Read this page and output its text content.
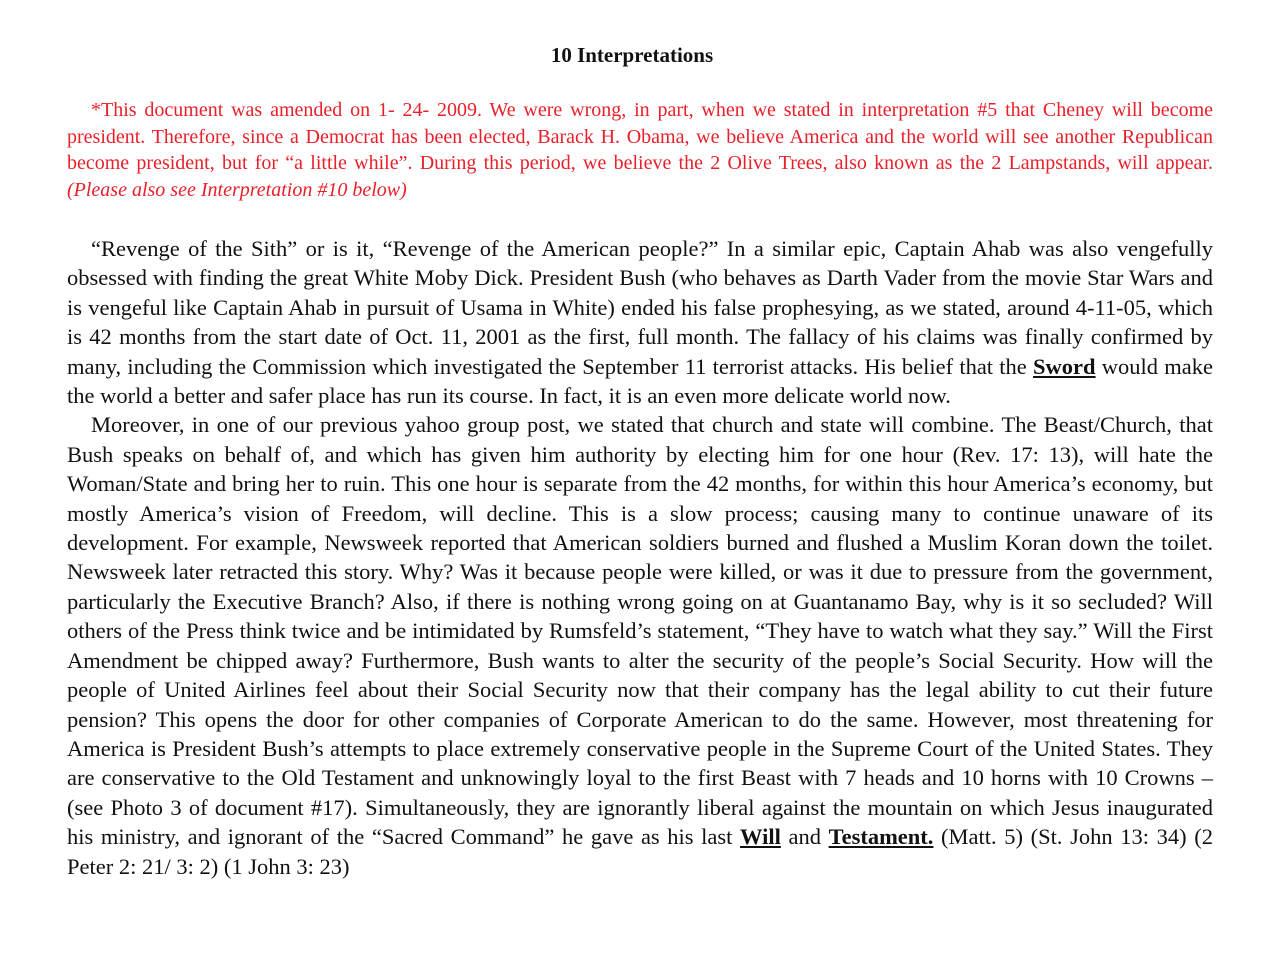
10 Interpretations
*This document was amended on 1- 24- 2009. We were wrong, in part, when we stated in interpretation #5 that Cheney will become president. Therefore, since a Democrat has been elected, Barack H. Obama, we believe America and the world will see another Republican become president, but for “a little while”. During this period, we believe the 2 Olive Trees, also known as the 2 Lampstands, will appear. (Please also see Interpretation #10 below)

“Revenge of the Sith” or is it, “Revenge of the American people?” In a similar epic, Captain Ahab was also vengefully obsessed with finding the great White Moby Dick. President Bush (who behaves as Darth Vader from the movie Star Wars and is vengeful like Captain Ahab in pursuit of Usama in White) ended his false prophesying, as we stated, around 4-11-05, which is 42 months from the start date of Oct. 11, 2001 as the first, full month. The fallacy of his claims was finally confirmed by many, including the Commission which investigated the September 11 terrorist attacks. His belief that the Sword would make the world a better and safer place has run its course. In fact, it is an even more delicate world now.

Moreover, in one of our previous yahoo group post, we stated that church and state will combine. The Beast/Church, that Bush speaks on behalf of, and which has given him authority by electing him for one hour (Rev. 17: 13), will hate the Woman/State and bring her to ruin. This one hour is separate from the 42 months, for within this hour America’s economy, but mostly America’s vision of Freedom, will decline. This is a slow process; causing many to continue unaware of its development. For example, Newsweek reported that American soldiers burned and flushed a Muslim Koran down the toilet. Newsweek later retracted this story. Why? Was it because people were killed, or was it due to pressure from the government, particularly the Executive Branch? Also, if there is nothing wrong going on at Guantanamo Bay, why is it so secluded? Will others of the Press think twice and be intimidated by Rumsfeld’s statement, “They have to watch what they say.” Will the First Amendment be chipped away? Furthermore, Bush wants to alter the security of the people’s Social Security. How will the people of United Airlines feel about their Social Security now that their company has the legal ability to cut their future pension? This opens the door for other companies of Corporate American to do the same. However, most threatening for America is President Bush’s attempts to place extremely conservative people in the Supreme Court of the United States. They are conservative to the Old Testament and unknowingly loyal to the first Beast with 7 heads and 10 horns with 10 Crowns – (see Photo 3 of document #17). Simultaneously, they are ignorantly liberal against the mountain on which Jesus inaugurated his ministry, and ignorant of the “Sacred Command” he gave as his last Will and Testament. (Matt. 5) (St. John 13: 34) (2 Peter 2: 21/ 3: 2) (1 John 3: 23)
